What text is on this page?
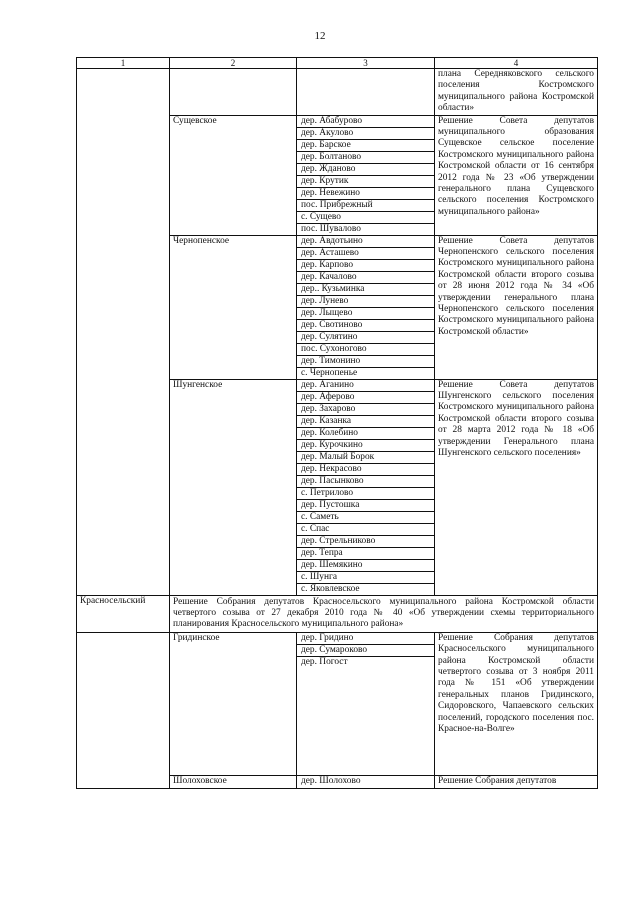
12
1	2	3	4
			плана Середняковского сельского поселения Костромского муниципального района Костромской области»
Сущевское		дер. Абабурово
дер. Акулово
дер. Барское
дер. Болтаново
дер. Жданово
дер. Крутик
дер. Невежино
пос. Прибрежный
с. Сущево
пос. Шувалово
	Решение Совета депутатов муниципального образования Сущевское сельское поселение Костромского муниципального района Костромской области от 16 сентября 2012 года № 23 «Об утверждении генерального плана Сущевского сельского поселения Костромского муниципального района»
Чернопенское		дер. Авдотьино
дер. Асташево
дер. Карпово
дер. Качалово
дер.. Кузьминка
дер. Лунево
дер. Лыщево
дер. Свотиново
дер. Сулятино
пос. Сухоногово
дер. Тимонино
с. Чернопенье
	Решение Совета депутатов Чернопенского сельского поселения Костромского муниципального района Костромской области второго созыва от 28 июня 2012 года № 34 «Об утверждении генерального плана Чернопенского сельского поселения Костромского муниципального района Костромской области»
Шунгенское		дер. Аганино
дер. Аферово
дер. Захарово
дер. Казанка
дер. Колебино
дер. Курочкино
дер. Малый Борок
дер. Некрасово
дер. Пасынково
с. Петрилово
дер. Пустошка
с. Саметь
с. Спас
дер. Стрельниково
дер. Тепра
дер. Шемякино
с. Шунга
с. Яковлевское
	Решение Совета депутатов Шунгенского сельского поселения Костромского муниципального района Костромской области второго созыва от 28 марта 2012 года № 18 «Об утверждении Генерального плана Шунгенского сельского поселения»
Красносельский	Решение Собрания депутатов Красносельского муниципального района Костромской области четвертого созыва от 27 декабря 2010 года № 40 «Об утверждении схемы территориального планирования Красносельского муниципального района»
	Гридинское		дер. Гридино
дер. Сумароково
дер. Погост
	Решение Собрания депутатов Красносельского муниципального района Костромской области четвертого созыва от 3 ноября 2011 года № 151 «Об утверждении генеральных планов Гридинского, Сидоровского, Чапаевского сельских поселений, городского поселения пос. Красное-на-Волге»
Шолоховское		дер. Шолохово
		Решение Собрания депутатов
